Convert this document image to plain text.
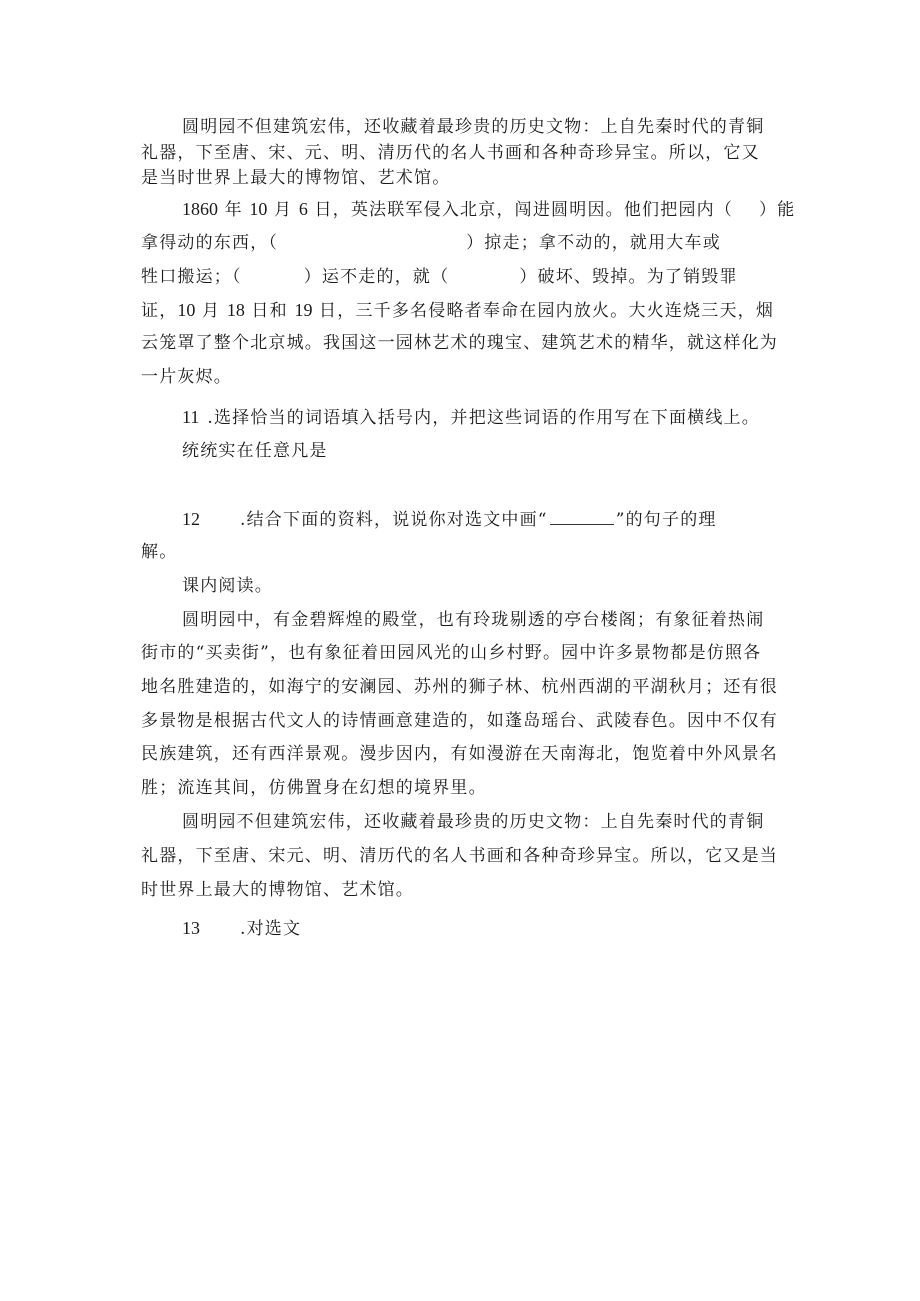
圆明园不但建筑宏伟，还收藏着最珍贵的历史文物：上自先秦时代的青铜
礼器，下至唐、宋、元、明、清历代的名人书画和各种奇珍异宝。所以，它又
是当时世界上最大的博物馆、艺术馆。
1860 年 10 月 6 日，英法联军侵入北京，闯进圆明因。他们把园内（ ）能
拿得动的东西，（	）掠走；拿不动的，就用大车或
牲口搬运；（	）运不走的，就（	）破坏、毁掉。为了销毁罪
证，10 月 18 日和 19 日，三千多名侵略者奉命在园内放火。大火连烧三天，烟
云笼罩了整个北京城。我国这一园林艺术的瑰宝、建筑艺术的精华，就这样化为
一片灰烬。
11 .选择恰当的词语填入括号内，并把这些词语的作用写在下面横线上。
统统实在任意凡是
12 .结合下面的资料，说说你对选文中画“	”的句子的理
解。
课内阅读。
圆明园中，有金碧辉煌的殿堂，也有玲珑剔透的亭台楼阁；有象征着热闹
街市的“买卖街”，也有象征着田园风光的山乡村野。园中许多景物都是仿照各
地名胜建造的，如海宁的安澜园、苏州的狮子林、杭州西湖的平湖秋月；还有很
多景物是根据古代文人的诗情画意建造的，如蓬岛瑶台、武陵春色。因中不仅有
民族建筑，还有西洋景观。漫步因内，有如漫游在天南海北，饱览着中外风景名
胜；流连其间，仿佛置身在幻想的境界里。
圆明园不但建筑宏伟，还收藏着最珍贵的历史文物：上自先秦时代的青铜
礼器，下至唐、宋元、明、清历代的名人书画和各种奇珍异宝。所以，它又是当
时世界上最大的博物馆、艺术馆。
13 .对选文
